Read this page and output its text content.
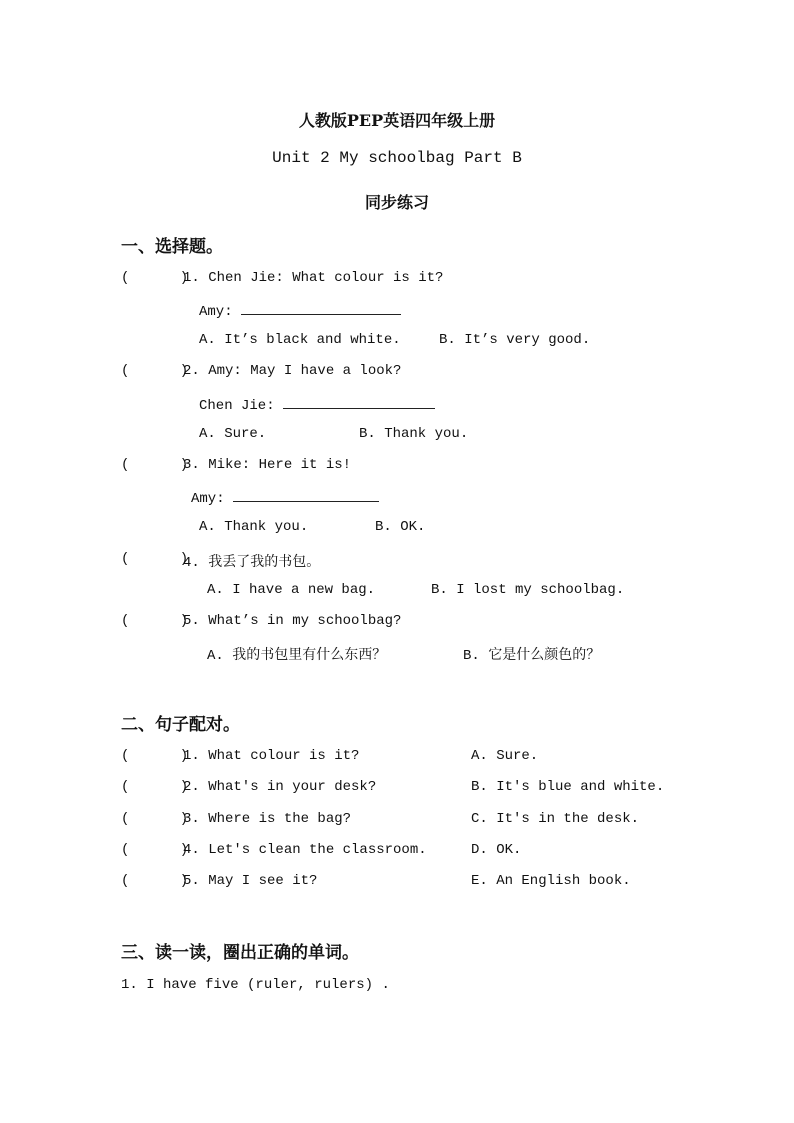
人教版PEP英语四年级上册
Unit 2 My schoolbag Part B
同步练习
一、选择题。
(      )
1. Chen Jie: What colour is it?
Amy:
A. It’s black and white.	B. It’s very good.
(      )
2. Amy: May I have a look?
Chen Jie:
A. Sure.	B. Thank you.
(      )
3. Mike: Here it is!
Amy:
A. Thank you.	B. OK.
(      )
4. 我丢了我的书包。
A. I have a new bag.	B. I lost my schoolbag.
(      )
5. What’s in my schoolbag?
A. 我的书包里有什么东西？	B. 它是什么颜色的？
二、句子配对。
(      )
1. What colour is it?	A. Sure.
(      )
2. What's in your desk?	B. It's blue and white.
(      )
3. Where is the bag?	C. It's in the desk.
(      )
4. Let's clean the classroom.	D. OK.
(      )
5. May I see it?	E. An English book.
三、读一读，圈出正确的单词。
1. I have five (ruler, rulers) .
